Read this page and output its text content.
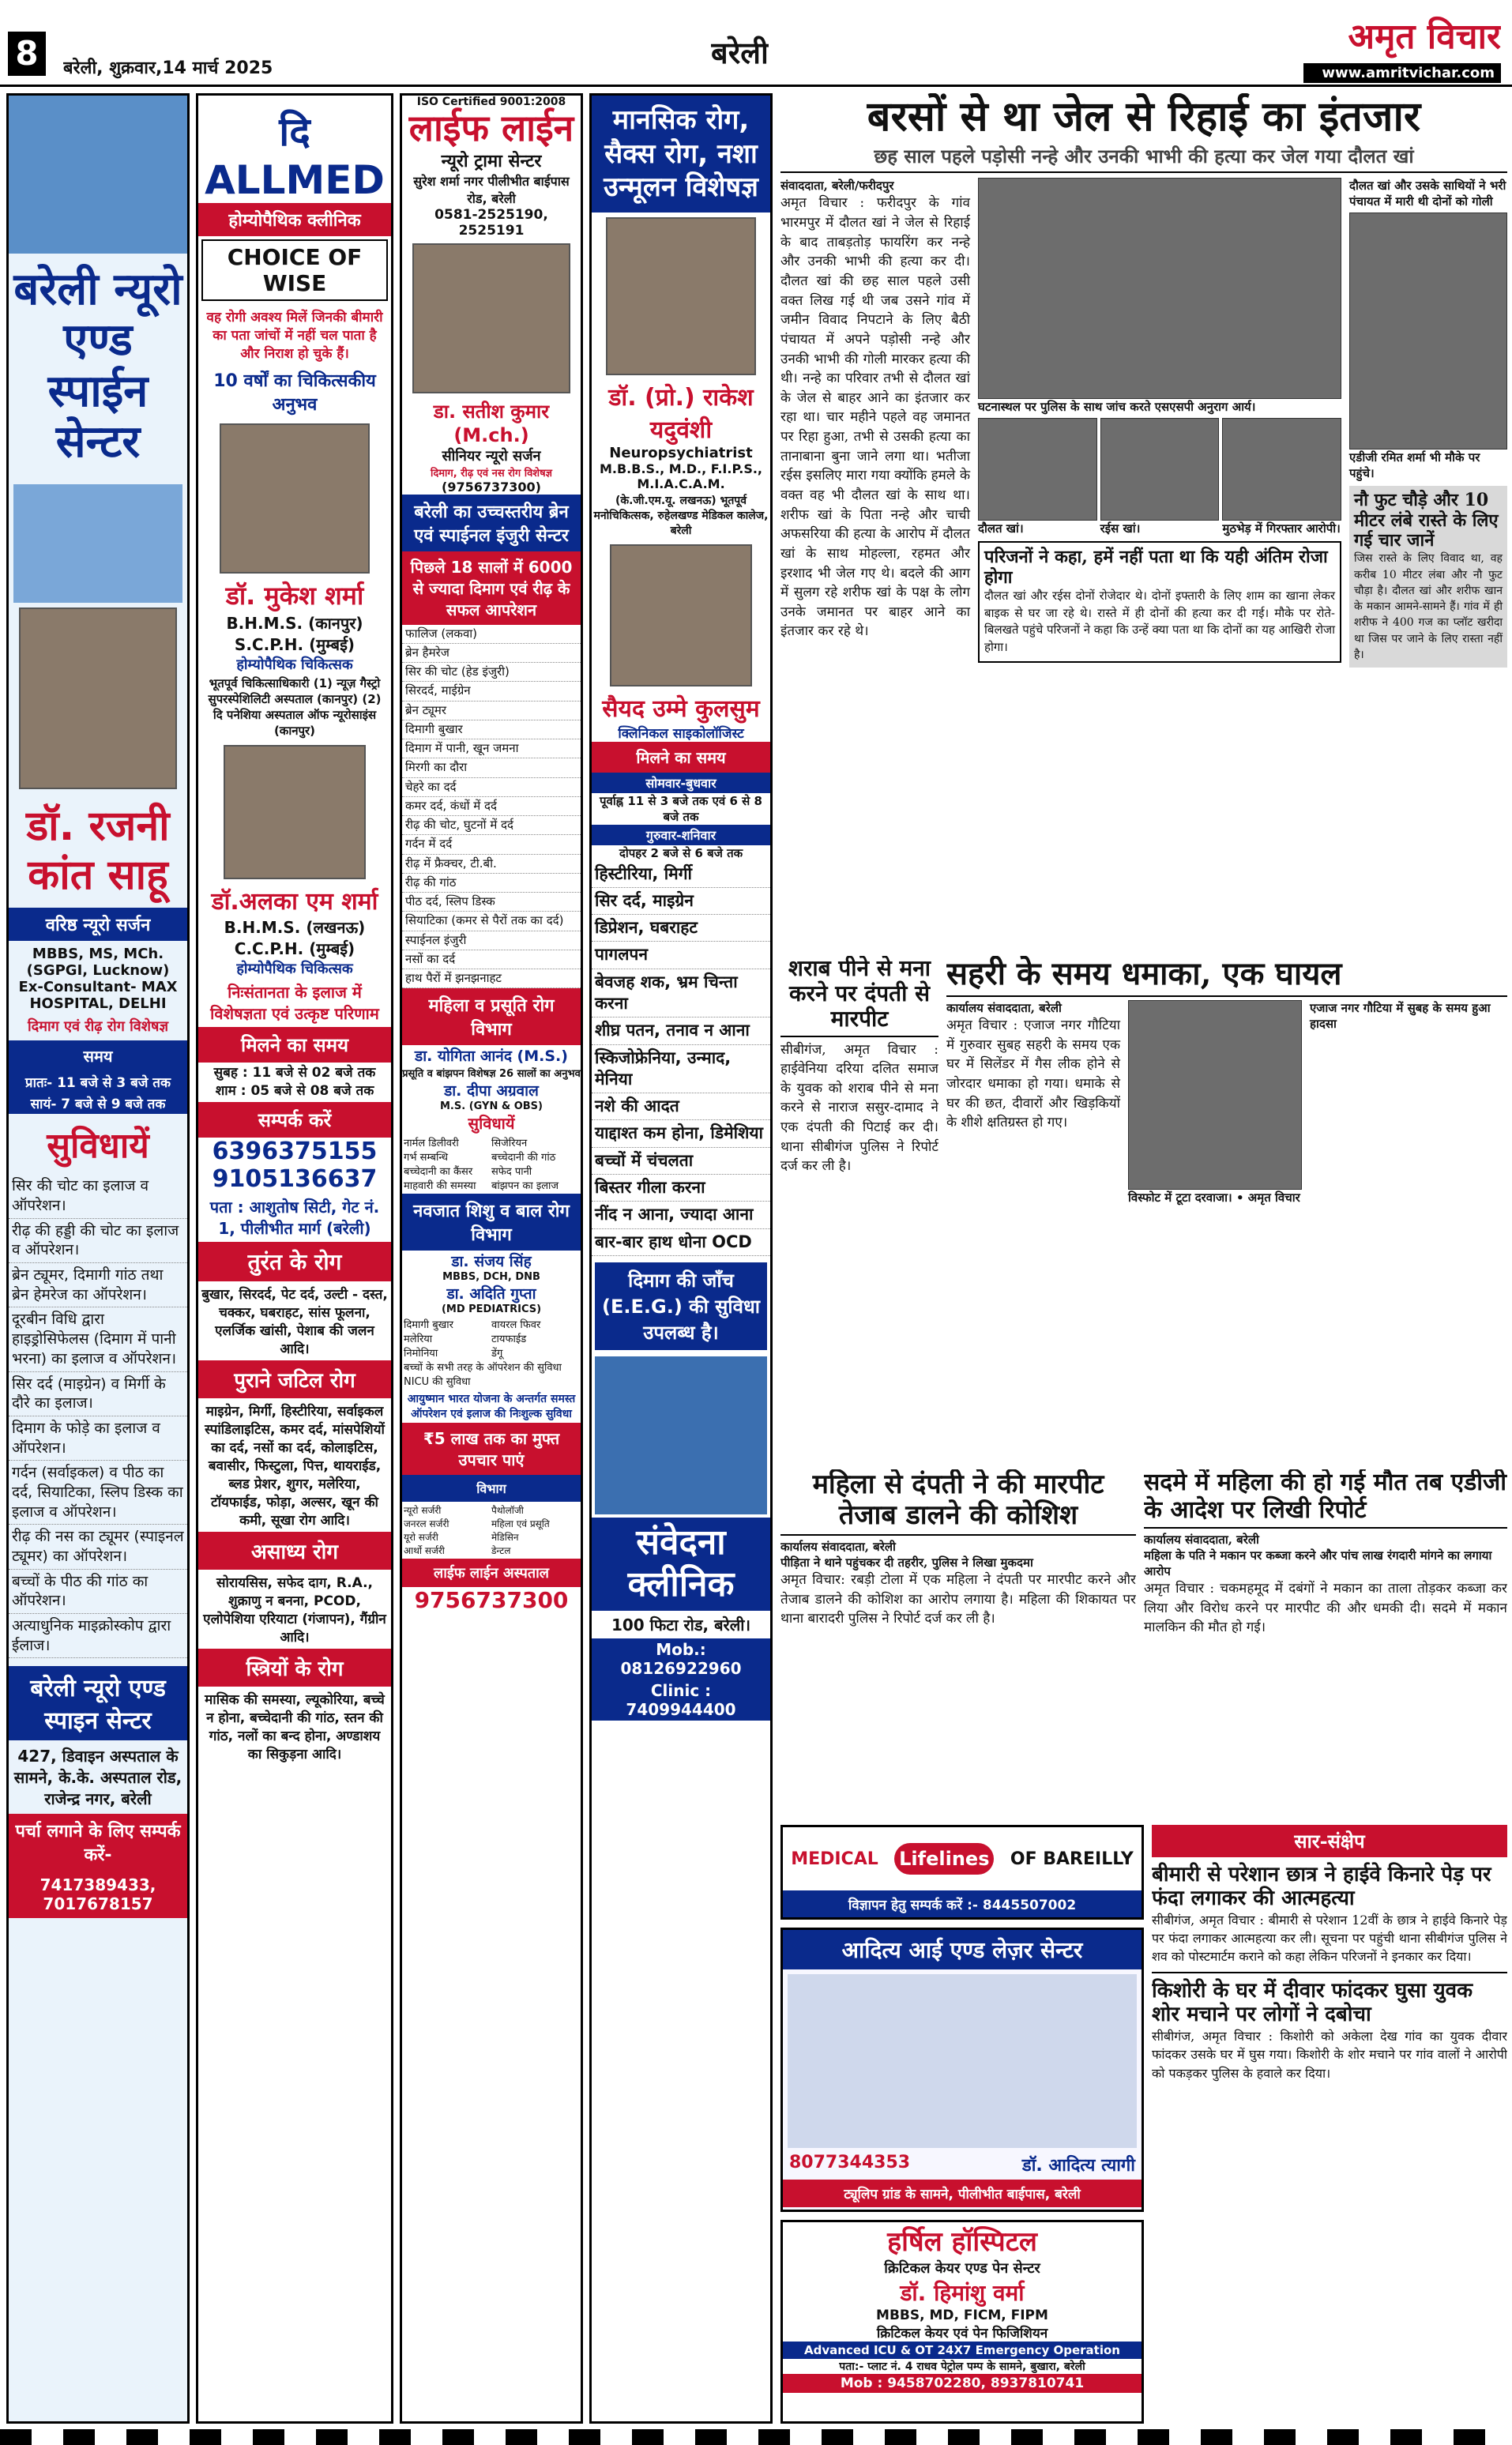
8	बरेली, शुक्रवार,14 मार्च 2025	बरेली	अमृत विचार
www.amritvichar.com
बरेली न्यूरो एण्ड स्पाईन सेन्टर
डॉ. रजनी कांत साहू
वरिष्ठ न्यूरो सर्जन
MBBS, MS, MCh. (SGPGI, Lucknow) Ex-Consultant- MAX HOSPITAL, DELHI
दिमाग एवं रीढ़ रोग विशेषज्ञ
समय
प्रातः- 11 बजे से 3 बजे तक
सायं- 7 बजे से 9 बजे तक
सुविधायें
सिर की चोट का इलाज व ऑपरेशन।
रीढ़ की हड्डी की चोट का इलाज व ऑपरेशन।
ब्रेन ट्यूमर, दिमागी गांठ तथा ब्रेन हेमरेज का ऑपरेशन।
दूरबीन विधि द्वारा हाइड्रोसिफेलस (दिमाग में पानी भरना) का इलाज व ऑपरेशन।
सिर दर्द (माइग्रेन) व मिर्गी के दौरे का इलाज।
दिमाग के फोड़े का इलाज व ऑपरेशन।
गर्दन (सर्वाइकल) व पीठ का दर्द, सियाटिका, स्लिप डिस्क का इलाज व ऑपरेशन।
रीढ़ की नस का ट्यूमर (स्पाइनल ट्यूमर) का ऑपरेशन।
बच्चों के पीठ की गांठ का ऑपरेशन।
अत्याधुनिक माइक्रोस्कोप द्वारा ईलाज।
बरेली न्यूरो एण्ड स्पाइन सेन्टर
427, डिवाइन अस्पताल के सामने, के.के. अस्पताल रोड, राजेन्द्र नगर, बरेली
पर्चा लगाने के लिए सम्पर्क करें-
7417389433, 7017678157
दि ALLMED
होम्योपैथिक क्लीनिक
CHOICE OF WISE
वह रोगी अवश्य मिलें जिनकी बीमारी का पता जांचों में नहीं चल पाता है और निराश हो चुके हैं।
10 वर्षों का चिकित्सकीय अनुभव
डॉ. मुकेश शर्मा
B.H.M.S. (कानपुर) S.C.P.H. (मुम्बई)
होम्योपैथिक चिकित्सक
भूतपूर्व चिकित्साधिकारी (1) न्यूज़ गैस्ट्रो सुपरस्पेशिलिटी अस्पताल (कानपुर) (2) दि पनेशिया अस्पताल ऑफ न्यूरोसाइंस (कानपुर)
डॉ.अलका एम शर्मा
B.H.M.S. (लखनऊ) C.C.P.H. (मुम्बई)
होम्योपैथिक चिकित्सक
निःसंतानता के इलाज में विशेषज्ञता एवं उत्कृष्ट परिणाम
मिलने का समय
सुबह : 11 बजे से 02 बजे तक
शाम : 05 बजे से 08 बजे तक
सम्पर्क करें
6396375155 9105136637
पता : आशुतोष सिटी, गेट नं. 1, पीलीभीत मार्ग (बरेली)
तुरंत के रोग
बुखार, सिरदर्द, पेट दर्द, उल्टी - दस्त, चक्कर, घबराहट, सांस फूलना, एलर्जिक खांसी, पेशाब की जलन आदि।
पुराने जटिल रोग
माइग्रेन, मिर्गी, हिस्टीरिया, सर्वाइकल स्पांडिलाइटिस, कमर दर्द, मांसपेशियों का दर्द, नसों का दर्द, कोलाइटिस, बवासीर, फिस्टुला, पित्त, थायराईड, ब्लड प्रेशर, शुगर, मलेरिया, टॉयफाईड, फोड़ा, अल्सर, खून की कमी, सूखा रोग आदि।
असाध्य रोग
सोरायसिस, सफेद दाग, R.A., शुक्राणु न बनना, PCOD, एलोपेशिया एरियाटा (गंजापन), गैंग्रीन आदि।
स्त्रियों के रोग
मासिक की समस्या, ल्यूकोरिया, बच्चे न होना, बच्चेदानी की गांठ, स्तन की गांठ, नलों का बन्द होना, अण्डाशय का सिकुड़ना आदि।
ISO Certified 9001:2008
लाईफ लाईन
न्यूरो ट्रामा सेन्टर
सुरेश शर्मा नगर पीलीभीत बाईपास रोड, बरेली
0581-2525190, 2525191
डा. सतीश कुमार (M.ch.)
सीनियर न्यूरो सर्जन
दिमाग, रीढ़ एवं नस रोग विशेषज्ञ
(9756737300)
बरेली का उच्चस्तरीय ब्रेन एवं स्पाईनल इंजुरी सेन्टर
पिछले 18 सालों में 6000 से ज्यादा दिमाग एवं रीढ़ के सफल आपरेशन
फालिज (लकवा)
ब्रेन हैमरेज
सिर की चोट (हेड इंजुरी)
सिरदर्द, माईग्रेन
ब्रेन ट्यूमर
दिमागी बुखार
दिमाग में पानी, खून जमना
मिरगी का दौरा
चेहरे का दर्द
कमर दर्द, कंधों में दर्द
रीढ़ की चोट, घुटनों में दर्द
गर्दन में दर्द
रीढ़ में फ्रैक्चर, टी.बी.
रीढ़ की गांठ
पीठ दर्द, स्लिप डिस्क
सियाटिका (कमर से पैरों तक का दर्द)
स्पाईनल इंजुरी
नसों का दर्द
हाथ पैरों में झनझनाहट
महिला व प्रसूति रोग विभाग
डा. योगिता आनंद (M.S.)
प्रसूति व बांझपन विशेषज्ञ 26 सालों का अनुभव
डा. दीपा अग्रवाल
M.S. (GYN & OBS)
सुविधायें
नार्मल डिलीवरी	सिजेरियन
गर्भ सम्बन्धि	बच्चेदानी की गांठ
बच्चेदानी का कैंसर	सफेद पानी
माहवारी की समस्या	बांझपन का इलाज
नवजात शिशु व बाल रोग विभाग
डा. संजय सिंह
MBBS, DCH, DNB
डा. अदिति गुप्ता
(MD PEDIATRICS)
दिमागी बुखार	वायरल फिवर
मलेरिया	टायफाईड
निमोनिया	डेंगू
बच्चों के सभी तरह के ऑपरेशन की सुविधा
NICU की सुविधा
आयुष्मान भारत योजना के अन्तर्गत समस्त ऑपरेशन एवं इलाज की निःशुल्क सुविधा
₹5 लाख तक का मुफ्त उपचार पाएं
विभाग
न्यूरो सर्जरी	पैथोलॉजी
जनरल सर्जरी	महिला एवं प्रसूति
यूरो सर्जरी	मेडिसिन
आर्थो सर्जरी	डेन्टल
लाईफ लाईन अस्पताल
9756737300
मानसिक रोग, सैक्स रोग, नशा उन्मूलन विशेषज्ञ
डॉ. (प्रो.) राकेश यदुवंशी
Neuropsychiatrist
M.B.B.S., M.D., F.I.P.S., M.I.A.C.A.M.
(के.जी.एम.यू. लखनऊ) भूतपूर्व मनोचिकित्सक, रुहेलखण्ड मेडिकल कालेज, बरेली
सैयद उम्मे कुलसुम
क्लिनिकल साइकोलॉजिस्ट
मिलने का समय
सोमवार-बुधवार
पूर्वाह्न 11 से 3 बजे तक एवं 6 से 8 बजे तक
गुरुवार-शनिवार
दोपहर 2 बजे से 6 बजे तक
हिस्टीरिया, मिर्गी
सिर दर्द, माइग्रेन
डिप्रेशन, घबराहट
पागलपन
बेवजह शक, भ्रम चिन्ता करना
शीघ्र पतन, तनाव न आना
स्किजोफ्रेनिया, उन्माद, मेनिया
नशे की आदत
याद्दाश्त कम होना, डिमेशिया
बच्चों में चंचलता
बिस्तर गीला करना
नींद न आना, ज्यादा आना
बार-बार हाथ धोना OCD
दिमाग की जाँच (E.E.G.) की सुविधा उपलब्ध है।
संवेदना क्लीनिक
100 फिटा रोड, बरेली।
Mob.: 08126922960
Clinic : 7409944400
बरसों से था जेल से रिहाई का इंतजार
छह साल पहले पड़ोसी नन्हे और उनकी भाभी की हत्या कर जेल गया दौलत खां
संवाददाता, बरेली/फरीदपुर
अमृत विचार : फरीदपुर के गांव भारमपुर में दौलत खां ने जेल से रिहाई के बाद ताबड़तोड़ फायरिंग कर नन्हे और उनकी भाभी की हत्या कर दी। दौलत खां की छह साल पहले उसी वक्त लिख गई थी जब उसने गांव में जमीन विवाद निपटाने के लिए बैठी पंचायत में अपने पड़ोसी नन्हे और उनकी भाभी की गोली मारकर हत्या की थी। नन्हे का परिवार तभी से दौलत खां के जेल से बाहर आने का इंतजार कर रहा था। चार महीने पहले वह जमानत पर रिहा हुआ, तभी से उसकी हत्या का तानाबाना बुना जाने लगा था। भतीजा रईस इसलिए मारा गया क्योंकि हमले के वक्त वह भी दौलत खां के साथ था। शरीफ खां के पिता नन्हे और चाची अफसरिया की हत्या के आरोप में दौलत खां के साथ मोहल्ला, रहमत और इरशाद भी जेल गए थे। बदले की आग में सुलग रहे शरीफ खां के पक्ष के लोग उनके जमानत पर बाहर आने का इंतजार कर रहे थे।
घटनास्थल पर पुलिस के साथ जांच करते एसएसपी अनुराग आर्य।
दौलत खां।	रईस खां।	मुठभेड़ में गिरफ्तार आरोपी।
परिजनों ने कहा, हमें नहीं पता था कि यही अंतिम रोजा होगा
दौलत खां और रईस दोनों रोजेदार थे। दोनों इफ्तारी के लिए शाम का खाना लेकर बाइक से घर जा रहे थे। रास्ते में ही दोनों की हत्या कर दी गई। मौके पर रोते-बिलखते पहुंचे परिजनों ने कहा कि उन्हें क्या पता था कि दोनों का यह आखिरी रोजा होगा।
दौलत खां और उसके साथियों ने भरी पंचायत में मारी थी दोनों को गोली
एडीजी रमित शर्मा भी मौके पर पहुंचे।
नौ फुट चौड़े और 10 मीटर लंबे रास्ते के लिए गई चार जानें
जिस रास्ते के लिए विवाद था, वह करीब 10 मीटर लंबा और नौ फुट चौड़ा है। दौलत खां और शरीफ खान के मकान आमने-सामने हैं। गांव में ही शरीफ ने 400 गज का प्लॉट खरीदा था जिस पर जाने के लिए रास्ता नहीं है।
शराब पीने से मना करने पर दंपती से मारपीट
सीबीगंज, अमृत विचार : हाईवेनिया दरिया दलित समाज के युवक को शराब पीने से मना करने से नाराज ससुर-दामाद ने एक दंपती की पिटाई कर दी। थाना सीबीगंज पुलिस ने रिपोर्ट दर्ज कर ली है।
सहरी के समय धमाका, एक घायल
कार्यालय संवाददाता, बरेली
अमृत विचार : एजाज नगर गौटिया में गुरुवार सुबह सहरी के समय एक घर में सिलेंडर में गैस लीक होने से जोरदार धमाका हो गया। धमाके से घर की छत, दीवारों और खिड़कियों के शीशे क्षतिग्रस्त हो गए।
विस्फोट में टूटा दरवाजा। • अमृत विचार
एजाज नगर गौटिया में सुबह के समय हुआ हादसा
महिला से दंपती ने की मारपीट तेजाब डालने की कोशिश
कार्यालय संवाददाता, बरेली
पीड़िता ने थाने पहुंचकर दी तहरीर, पुलिस ने लिखा मुकदमा
अमृत विचार: रबड़ी टोला में एक महिला ने दंपती पर मारपीट करने और तेजाब डालने की कोशिश का आरोप लगाया है। महिला की शिकायत पर थाना बारादरी पुलिस ने रिपोर्ट दर्ज कर ली है।
सदमे में महिला की हो गई मौत तब एडीजी के आदेश पर लिखी रिपोर्ट
कार्यालय संवाददाता, बरेली
महिला के पति ने मकान पर कब्जा करने और पांच लाख रंगदारी मांगने का लगाया आरोप
अमृत विचार : चकमहमूद में दबंगों ने मकान का ताला तोड़कर कब्जा कर लिया और विरोध करने पर मारपीट की और धमकी दी। सदमे में मकान मालकिन की मौत हो गई।
MEDICAL Lifelines OF BAREILLY
विज्ञापन हेतु सम्पर्क करें :- 8445507002
आदित्य आई एण्ड लेज़र सेन्टर
8077344353	डॉ. आदित्य त्यागी
ट्यूलिप ग्रांड के सामने, पीलीभीत बाईपास, बरेली
हर्षिल हॉस्पिटल
क्रिटिकल केयर एण्ड पेन सेन्टर
डॉ. हिमांशु वर्मा
MBBS, MD, FICM, FIPM
क्रिटिकल केयर एवं पेन फिजिशियन
Advanced ICU & OT 24X7 Emergency Operation
पता:- प्लाट नं. 4 राधव पेट्रोल पम्प के सामने, बुखारा, बरेली
Mob : 9458702280, 8937810741
सार-संक्षेप
बीमारी से परेशान छात्र ने हाईवे किनारे पेड़ पर फंदा लगाकर की आत्महत्या
सीबीगंज, अमृत विचार : बीमारी से परेशान 12वीं के छात्र ने हाईवे किनारे पेड़ पर फंदा लगाकर आत्महत्या कर ली। सूचना पर पहुंची थाना सीबीगंज पुलिस ने शव को पोस्टमार्टम कराने को कहा लेकिन परिजनों ने इनकार कर दिया।
किशोरी के घर में दीवार फांदकर घुसा युवक शोर मचाने पर लोगों ने दबोचा
सीबीगंज, अमृत विचार : किशोरी को अकेला देख गांव का युवक दीवार फांदकर उसके घर में घुस गया। किशोरी के शोर मचाने पर गांव वालों ने आरोपी को पकड़कर पुलिस के हवाले कर दिया।
